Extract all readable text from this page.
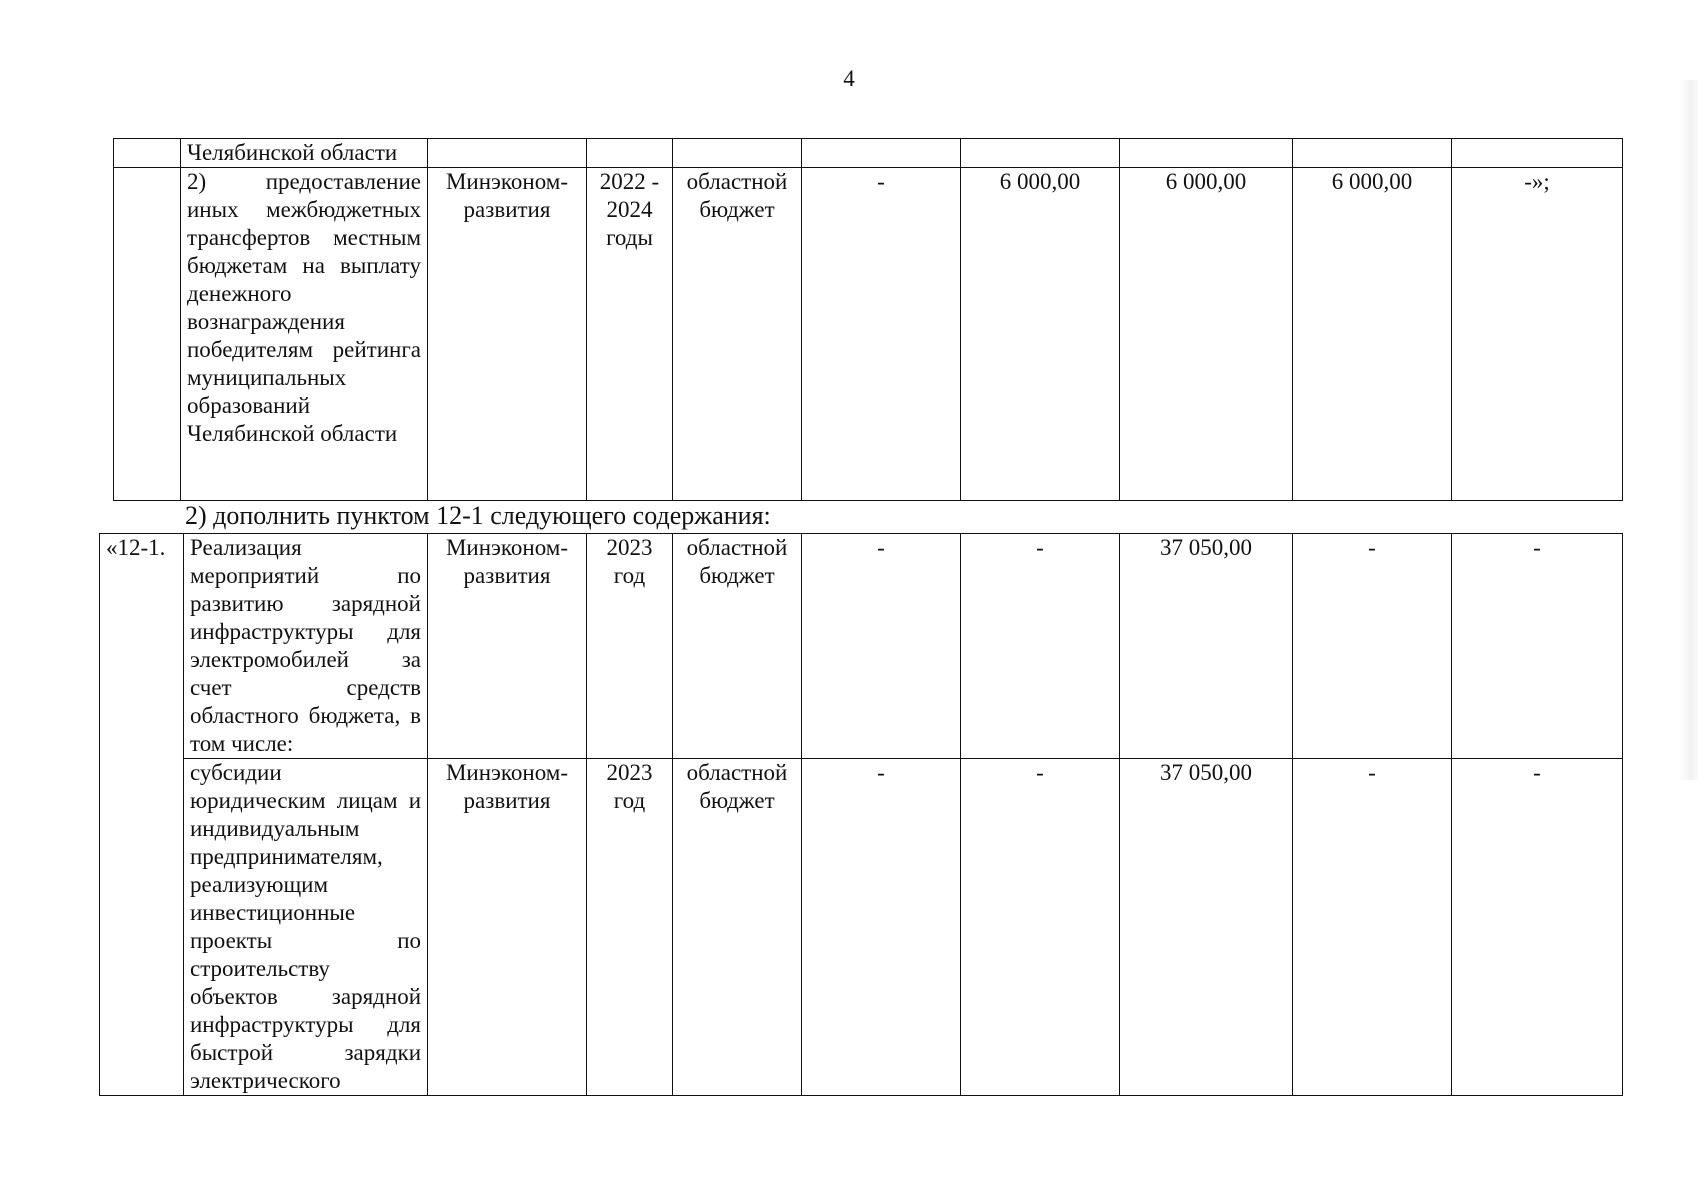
4
	Челябинской области								
	2) предоставление иных межбюджетных трансфертов местным бюджетам на выплату денежного вознаграждения победителям рейтинга муниципальных образований Челябинской области	Минэконом-развития	2022 - 2024 годы	областной бюджет	-	6 000,00	6 000,00	6 000,00	-»;
2) дополнить пунктом 12-1 следующего содержания:
«12-1.	Реализация мероприятий по развитию зарядной инфраструктуры для электромобилей за счет средств областного бюджета, в том числе:	Минэконом-развития	2023 год	областной бюджет	-	-	37 050,00	-	-
	субсидии юридическим лицам и индивидуальным предпринимателям, реализующим инвестиционные проекты по строительству объектов зарядной инфраструктуры для быстрой зарядки электрического	Минэконом-развития	2023 год	областной бюджет	-	-	37 050,00	-	-
